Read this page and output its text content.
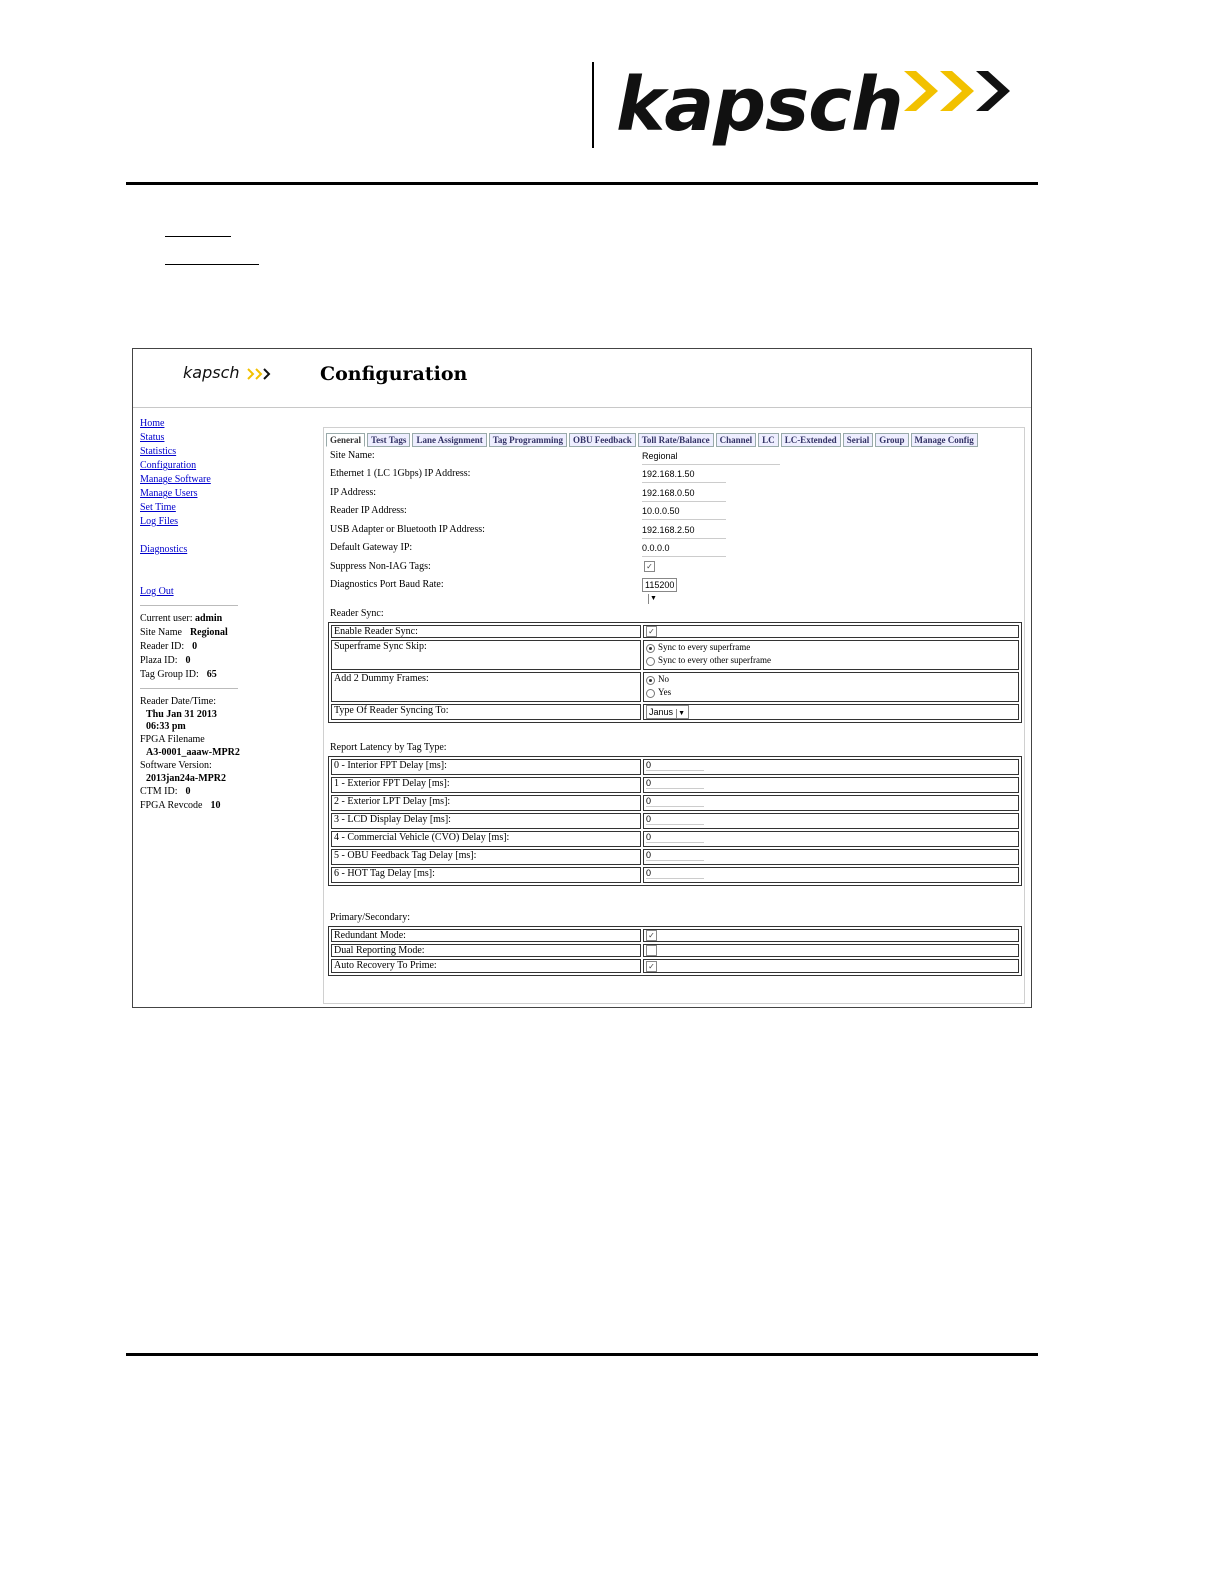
kapsch
kapsch	Configuration
Home
Status
Statistics
Configuration
Manage Software
Manage Users
Set Time
Log Files
Diagnostics
Log Out
Current user: admin
Site Name Regional
Reader ID: 0
Plaza ID: 0
Tag Group ID: 65
Reader Date/Time:
Thu Jan 31 2013
06:33 pm
FPGA Filename
A3-0001_aaaw-MPR2
Software Version:
2013jan24a-MPR2
CTM ID: 0
FPGA Revcode 10
General Test Tags Lane Assignment Tag Programming OBU Feedback Toll Rate/Balance Channel LC LC-Extended Serial Group Manage Config
Site Name:	Regional
Ethernet 1 (LC 1Gbps) IP Address:	192.168.1.50
IP Address:	192.168.0.50
Reader IP Address:	10.0.0.50
USB Adapter or Bluetooth IP Address:	192.168.2.50
Default Gateway IP:	0.0.0.0
Suppress Non-IAG Tags:	✓
Diagnostics Port Baud Rate:	115200▼
Reader Sync:
Enable Reader Sync:	✓
Superframe Sync Skip:	Sync to every superframe
Sync to every other superframe

Add 2 Dummy Frames:	No
Yes

Type Of Reader Syncing To:	Janus ▼
Report Latency by Tag Type:
0 - Interior FPT Delay [ms]:	0
1 - Exterior FPT Delay [ms]:	0
2 - Exterior LPT Delay [ms]:	0
3 - LCD Display Delay [ms]:	0
4 - Commercial Vehicle (CVO) Delay [ms]:	0
5 - OBU Feedback Tag Delay [ms]:	0
6 - HOT Tag Delay [ms]:	0
Primary/Secondary:
Redundant Mode:	✓
Dual Reporting Mode:	
Auto Recovery To Prime:	✓
